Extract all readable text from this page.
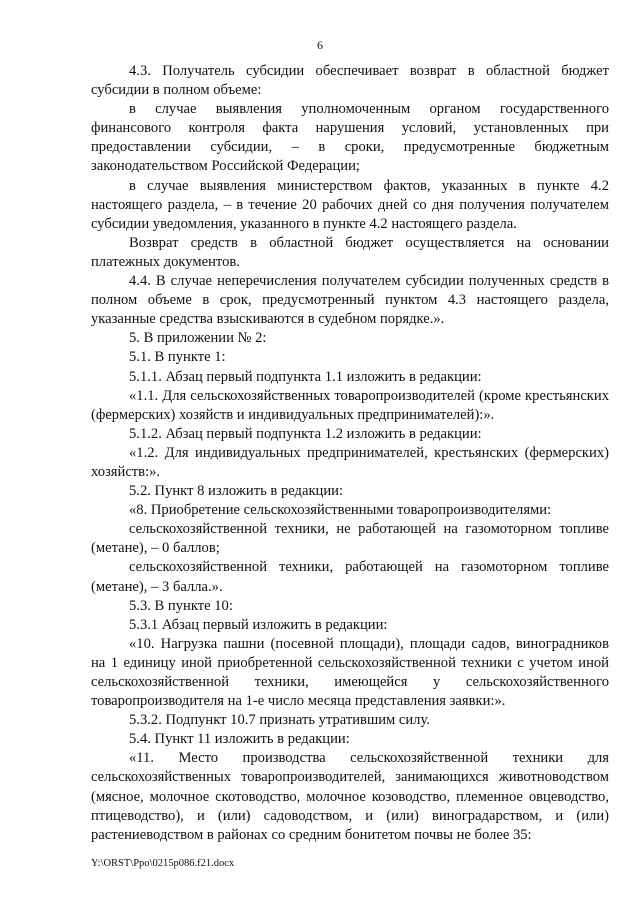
6

4.3. Получатель субсидии обеспечивает возврат в областной бюджет субсидии в полном объеме:

в случае выявления уполномоченным органом государственного финансового контроля факта нарушения условий, установленных при предоставлении субсидии, – в сроки, предусмотренные бюджетным законодательством Российской Федерации;

в случае выявления министерством фактов, указанных в пункте 4.2 настоящего раздела, – в течение 20 рабочих дней со дня получения получателем субсидии уведомления, указанного в пункте 4.2 настоящего раздела.

Возврат средств в областной бюджет осуществляется на основании платежных документов.

4.4. В случае неперечисления получателем субсидии полученных средств в полном объеме в срок, предусмотренный пунктом 4.3 настоящего раздела, указанные средства взыскиваются в судебном порядке.».

5. В приложении № 2:

5.1. В пункте 1:

5.1.1. Абзац первый подпункта 1.1 изложить в редакции:

«1.1. Для сельскохозяйственных товаропроизводителей (кроме крестьянских (фермерских) хозяйств и индивидуальных предпринимателей):».

5.1.2. Абзац первый подпункта 1.2 изложить в редакции:

«1.2. Для индивидуальных предпринимателей, крестьянских (фермерских) хозяйств:».

5.2. Пункт 8 изложить в редакции:

«8. Приобретение сельскохозяйственными товаропроизводителями:

сельскохозяйственной техники, не работающей на газомоторном топливе (метане), – 0 баллов;

сельскохозяйственной техники, работающей на газомоторном топливе (метане), – 3 балла.».

5.3. В пункте 10:

5.3.1 Абзац первый изложить в редакции:

«10. Нагрузка пашни (посевной площади), площади садов, виноградников на 1 единицу иной приобретенной сельскохозяйственной техники с учетом иной сельскохозяйственной техники, имеющейся у сельскохозяйственного товаропроизводителя на 1-е число месяца представления заявки:».

5.3.2. Подпункт 10.7 признать утратившим силу.

5.4. Пункт 11 изложить в редакции:

«11. Место производства сельскохозяйственной техники для сельскохозяйственных товаропроизводителей, занимающихся животноводством (мясное, молочное скотоводство, молочное козоводство, племенное овцеводство, птицеводство), и (или) садоводством, и (или) виноградарством, и (или) растениеводством в районах со средним бонитетом почвы не более 35:

Y:\ORST\Ppo\0215p086.f21.docx
